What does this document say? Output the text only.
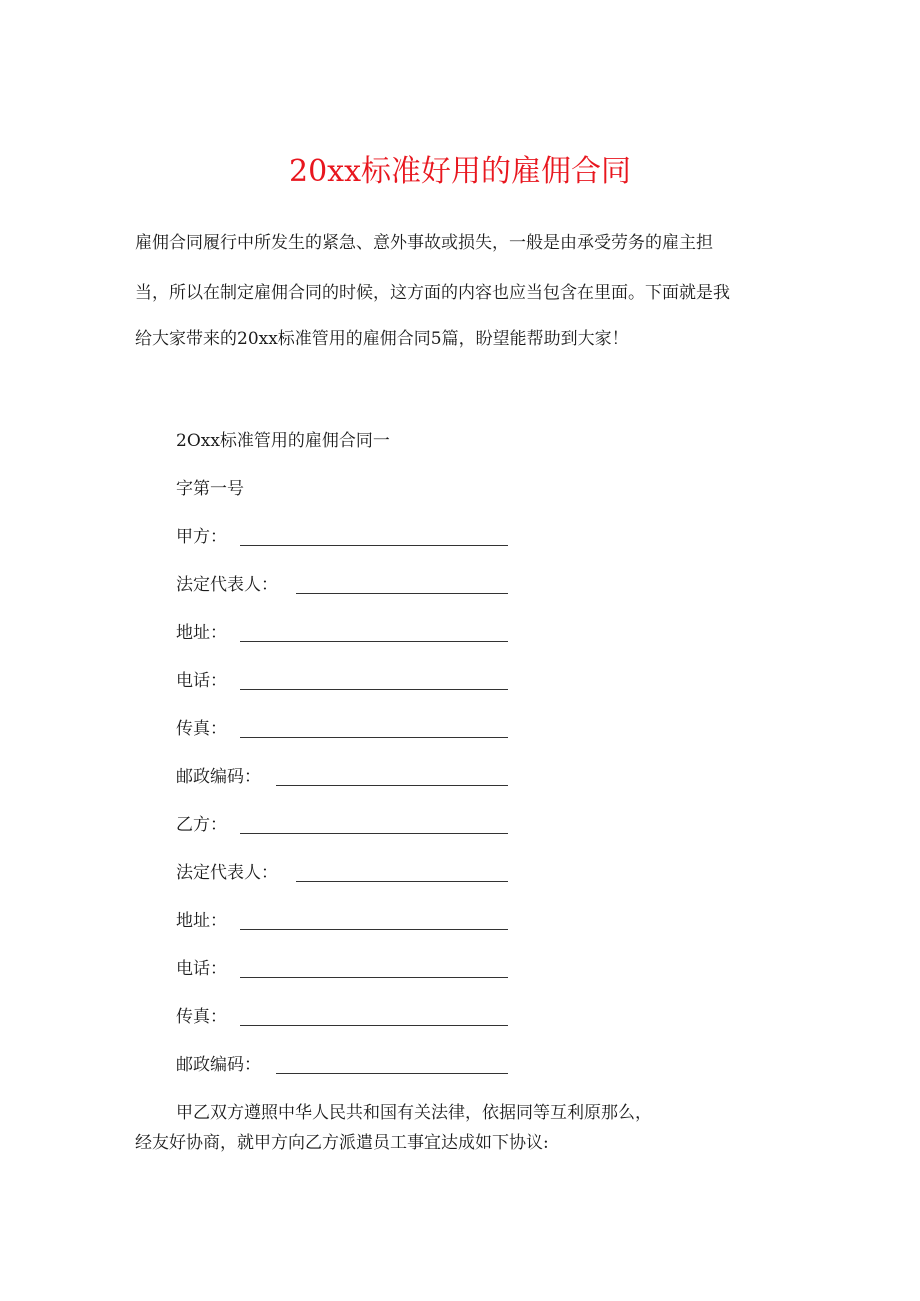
20xx标准好用的雇佣合同
雇佣合同履行中所发生的紧急、意外事故或损失，一般是由承受劳务的雇主担
当，所以在制定雇佣合同的时候，这方面的内容也应当包含在里面。下面就是我
给大家带来的20xx标准管用的雇佣合同5篇，盼望能帮助到大家！
2Oxx标准管用的雇佣合同一
字第一号
甲方：
法定代表人：
地址：
电话：
传真：
邮政编码：
乙方：
法定代表人：
地址：
电话：
传真：
邮政编码：
甲乙双方遵照中华人民共和国有关法律，依据同等互利原那么，
经友好协商，就甲方向乙方派遣员工事宜达成如下协议:
